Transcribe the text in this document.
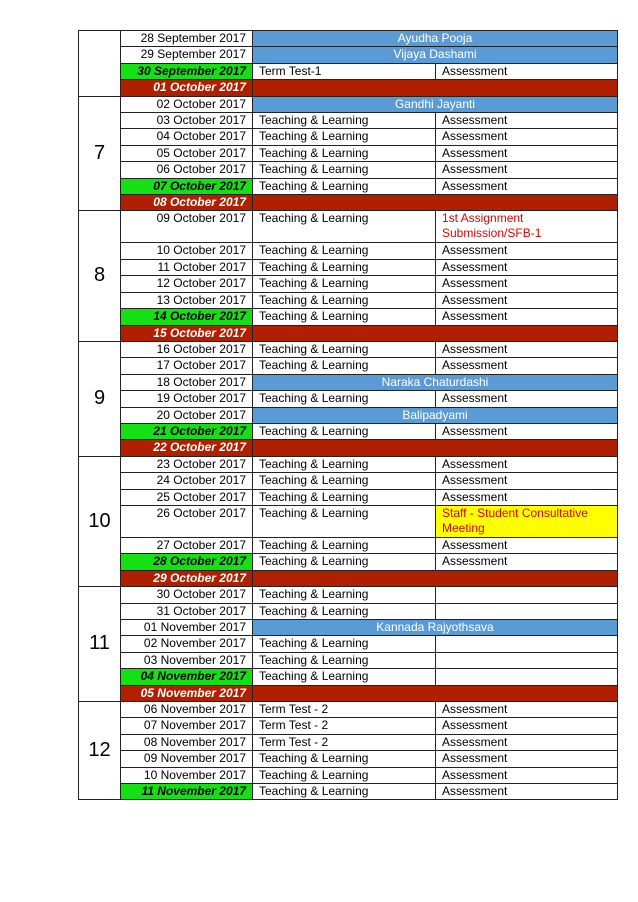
	28 September 2017	Ayudha Pooja	
	29 September 2017	Vijaya Dashami	
	30 September 2017	Term Test-1	Assessment
	01 October 2017		
7	02 October 2017	Gandhi Jayanti	
	03 October 2017	Teaching & Learning	Assessment
	04 October 2017	Teaching & Learning	Assessment
	05 October 2017	Teaching & Learning	Assessment
	06 October 2017	Teaching & Learning	Assessment
	07 October 2017	Teaching & Learning	Assessment
	08 October 2017		
8	09 October 2017	Teaching & Learning	1st Assignment Submission/SFB-1
	10 October 2017	Teaching & Learning	Assessment
	11 October 2017	Teaching & Learning	Assessment
	12 October 2017	Teaching & Learning	Assessment
	13 October 2017	Teaching & Learning	Assessment
	14 October 2017	Teaching & Learning	Assessment
	15 October 2017		
9	16 October 2017	Teaching & Learning	Assessment
	17 October 2017	Teaching & Learning	Assessment
	18 October 2017	Naraka Chaturdashi	
	19 October 2017	Teaching & Learning	Assessment
	20 October 2017	Balipadyami	
	21 October 2017	Teaching & Learning	Assessment
	22 October 2017		
10	23 October 2017	Teaching & Learning	Assessment
	24 October 2017	Teaching & Learning	Assessment
	25 October 2017	Teaching & Learning	Assessment
	26 October 2017	Teaching & Learning	Staff - Student Consultative Meeting
	27 October 2017	Teaching & Learning	Assessment
	28 October 2017	Teaching & Learning	Assessment
	29 October 2017		
11	30 October 2017	Teaching & Learning	
	31 October 2017	Teaching & Learning	
	01 November 2017	Kannada Rajyothsava	
	02 November 2017	Teaching & Learning	
	03 November 2017	Teaching & Learning	
	04 November 2017	Teaching & Learning	
	05 November 2017		
12	06 November 2017	Term Test - 2	Assessment
	07 November 2017	Term Test - 2	Assessment
	08 November 2017	Term Test - 2	Assessment
	09 November 2017	Teaching & Learning	Assessment
	10 November 2017	Teaching & Learning	Assessment
	11 November 2017	Teaching & Learning	Assessment
